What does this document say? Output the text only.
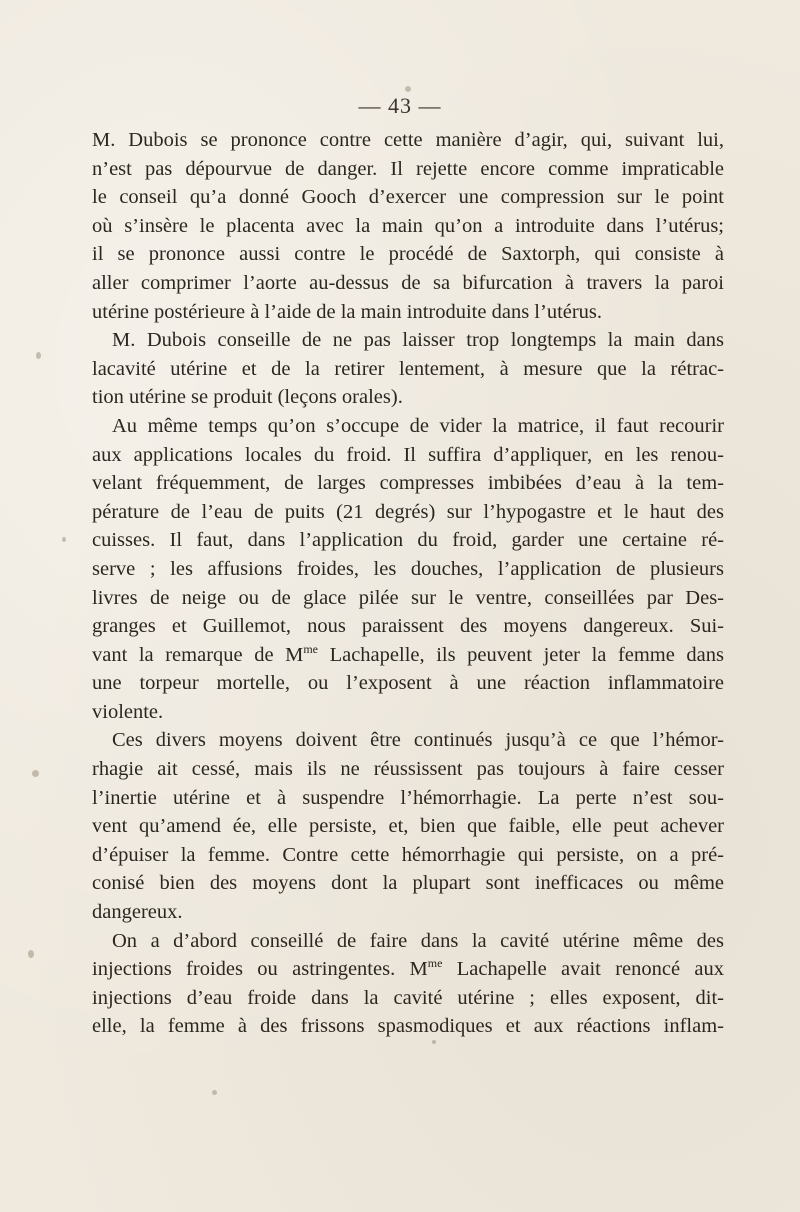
— 43 —
M. Dubois se prononce contre cette manière d’agir, qui, suivant lui,
n’est pas dépourvue de danger. Il rejette encore comme impraticable
le conseil qu’a donné Gooch d’exercer une compression sur le point
où s’insère le placenta avec la main qu’on a introduite dans l’utérus;
il se prononce aussi contre le procédé de Saxtorph, qui consiste à
aller comprimer l’aorte au-dessus de sa bifurcation à travers la paroi
utérine postérieure à l’aide de la main introduite dans l’utérus.
M. Dubois conseille de ne pas laisser trop longtemps la main dans
lacavité utérine et de la retirer lentement, à mesure que la rétrac-
tion utérine se produit (leçons orales).
Au même temps qu’on s’occupe de vider la matrice, il faut recourir
aux applications locales du froid. Il suffira d’appliquer, en les renou-
velant fréquemment, de larges compresses imbibées d’eau à la tem-
pérature de l’eau de puits (21 degrés) sur l’hypogastre et le haut des
cuisses. Il faut, dans l’application du froid, garder une certaine ré-
serve ; les affusions froides, les douches, l’application de plusieurs
livres de neige ou de glace pilée sur le ventre, conseillées par Des-
granges et Guillemot, nous paraissent des moyens dangereux. Sui-
vant la remarque de $M^{me}$ Lachapelle, ils peuvent jeter la femme dans
une torpeur mortelle, ou l’exposent à une réaction inflammatoire
violente.
Ces divers moyens doivent être continués jusqu’à ce que l’hémor-
rhagie ait cessé, mais ils ne réussissent pas toujours à faire cesser
l’inertie utérine et à suspendre l’hémorrhagie. La perte n’est sou-
vent qu’amend ée, elle persiste, et, bien que faible, elle peut achever
d’épuiser la femme. Contre cette hémorrhagie qui persiste, on a pré-
conisé bien des moyens dont la plupart sont inefficaces ou même
dangereux.
On a d’abord conseillé de faire dans la cavité utérine même des
injections froides ou astringentes. $M^{me}$ Lachapelle avait renoncé aux
injections d’eau froide dans la cavité utérine ; elles exposent, dit-
elle, la femme à des frissons spasmodiques et aux réactions inflam-
